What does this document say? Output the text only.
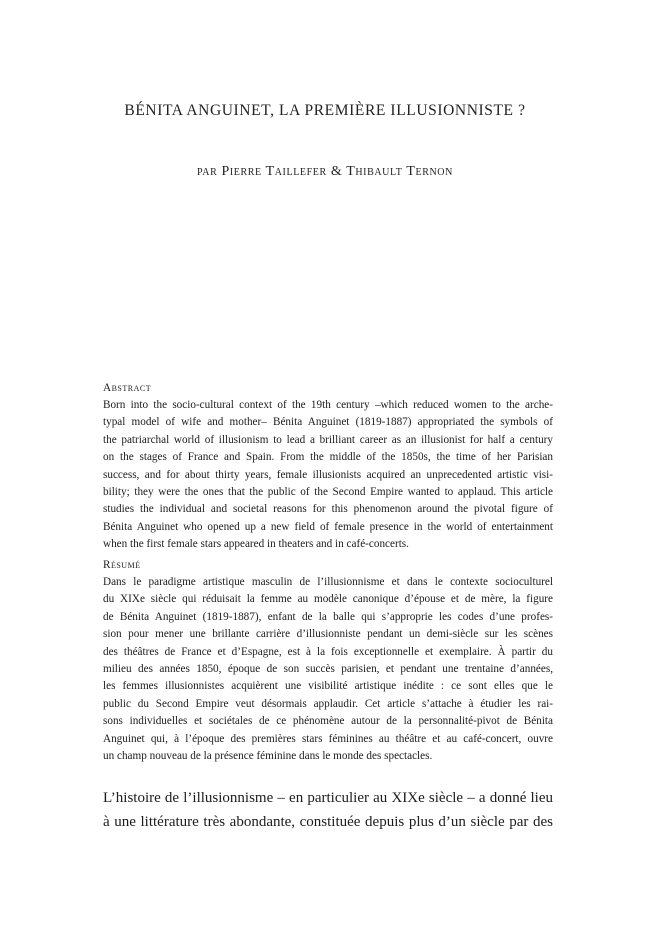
BÉNITA ANGUINET, LA PREMIÈRE ILLUSIONNISTE ?
par Pierre Taillefer & Thibault Ternon
Abstract
Born into the socio-cultural context of the 19th century –which reduced women to the arche-
typal model of wife and mother– Bénita Anguinet (1819-1887) appropriated the symbols of
the patriarchal world of illusionism to lead a brilliant career as an illusionist for half a century
on the stages of France and Spain. From the middle of the 1850s, the time of her Parisian
success, and for about thirty years, female illusionists acquired an unprecedented artistic visi-
bility; they were the ones that the public of the Second Empire wanted to applaud. This article
studies the individual and societal reasons for this phenomenon around the pivotal figure of
Bénita Anguinet who opened up a new field of female presence in the world of entertainment
when the first female stars appeared in theaters and in café-concerts.
Résumé
Dans le paradigme artistique masculin de l’illusionnisme et dans le contexte socioculturel
du XIXe siècle qui réduisait la femme au modèle canonique d’épouse et de mère, la figure
de Bénita Anguinet (1819-1887), enfant de la balle qui s’approprie les codes d’une profes-
sion pour mener une brillante carrière d’illusionniste pendant un demi-siècle sur les scènes
des théâtres de France et d’Espagne, est à la fois exceptionnelle et exemplaire. À partir du
milieu des années 1850, époque de son succès parisien, et pendant une trentaine d’années,
les femmes illusionnistes acquièrent une visibilité artistique inédite : ce sont elles que le
public du Second Empire veut désormais applaudir. Cet article s’attache à étudier les rai-
sons individuelles et sociétales de ce phénomène autour de la personnalité-pivot de Bénita
Anguinet qui, à l’époque des premières stars féminines au théâtre et au café-concert, ouvre
un champ nouveau de la présence féminine dans le monde des spectacles.
L’histoire de l’illusionnisme – en particulier au XIXe siècle – a donné lieu
à une littérature très abondante, constituée depuis plus d’un siècle par des
